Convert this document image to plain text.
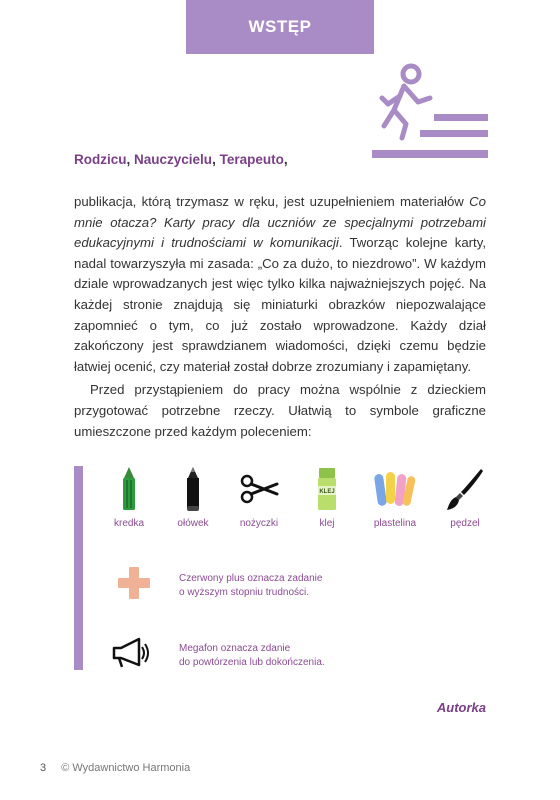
WSTĘP
Rodzicu, Nauczycielu, Terapeuto,

publikacja, którą trzymasz w ręku, jest uzupełnieniem materiałów Co mnie otacza? Karty pracy dla uczniów ze specjalnymi potrzebami edukacyjnymi i trudnościami w komunikacji. Tworząc kolejne karty, nadal towarzyszyła mi zasada: „Co za dużo, to niezdrowo”. W każdym dziale wprowadzanych jest więc tylko kilka najważniejszych pojęć. Na każdej stronie znajdują się miniaturki obrazków niepozwalające zapomnieć o tym, co już zostało wprowadzone. Każdy dział zakończony jest sprawdzianem wiadomości, dzięki czemu będzie łatwiej ocenić, czy materiał został dobrze zrozumiany i zapamiętany.

Przed przystąpieniem do pracy można wspólnie z dzieckiem przygotować potrzebne rzeczy. Ułatwią to symbole graficzne umieszczone przed każdym poleceniem:

kredka	ołówek	nożyczki
KLEJ
klej	plastelina	pędzel
Czerwony plus oznacza zadanie
o wyższym stopniu trudności.
Megafon oznacza zdanie
do powtórzenia lub dokończenia.
Autorka
3 © Wydawnictwo Harmonia
